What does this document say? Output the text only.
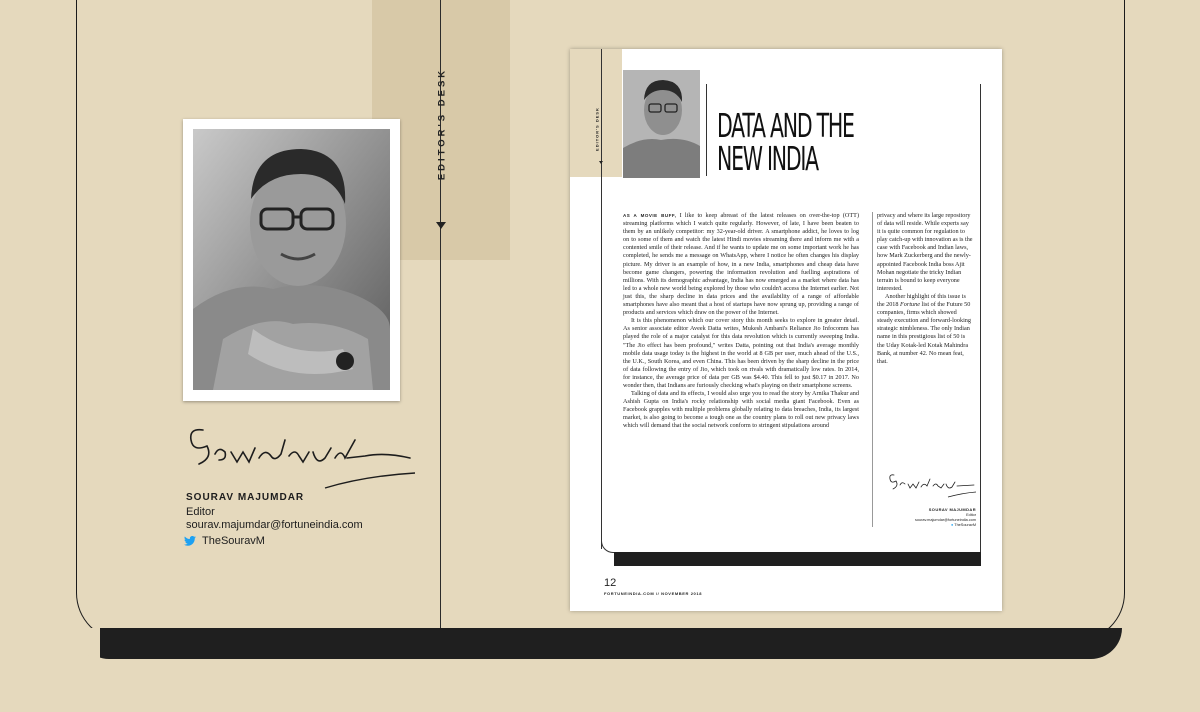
EDITOR'S DESK
SOURAV MAJUMDAR
Editor
sourav.majumdar@fortuneindia.com
TheSouravM
EDITOR'S DESK	DATA AND THE
NEW INDIA

AS A MOVIE BUFF, I like to keep abreast of the latest releases on over-the-top (OTT) streaming platforms which I watch quite regularly. However, of late, I have been beaten to them by an unlikely competitor: my 32-year-old driver. A smartphone addict, he loves to log on to some of them and watch the latest Hindi movies streaming there and inform me with a contented smile of their release. And if he wants to update me on some important work he has completed, he sends me a message on WhatsApp, where I notice he often changes his display picture. My driver is an example of how, in a new India, smartphones and cheap data have become game changers, powering the information revolution and fuelling aspirations of millions. With its demographic advantage, India has now emerged as a market where data has led to a whole new world being explored by those who couldn't access the Internet earlier. Not just this, the sharp decline in data prices and the availability of a range of affordable smartphones have also meant that a host of startups have now sprung up, providing a range of products and services which draw on the power of the Internet.

It is this phenomenon which our cover story this month seeks to explore in greater detail. As senior associate editor Aveek Datta writes, Mukesh Ambani's Reliance Jio Infocomm has played the role of a major catalyst for this data revolution which is currently sweeping India. "The Jio effect has been profound," writes Datta, pointing out that India's average monthly mobile data usage today is the highest in the world at 8 GB per user, much ahead of the U.S., the U.K., South Korea, and even China. This has been driven by the sharp decline in the price of data following the entry of Jio, which took on rivals with dramatically low rates. In 2014, for instance, the average price of data per GB was $4.40. This fell to just $0.17 in 2017. No wonder then, that Indians are furiously checking what's playing on their smartphone screens.

Talking of data and its effects, I would also urge you to read the story by Arnika Thakur and Ashish Gupta on India's rocky relationship with social media giant Facebook. Even as Facebook grapples with multiple problems globally relating to data breaches, India, its largest market, is also going to become a tough one as the country plans to roll out new privacy laws which will demand that the social network conform to stringent stipulations around

privacy and where its large repository of data will reside. While experts say it is quite common for regulation to play catch-up with innovation as is the case with Facebook and Indian laws, how Mark Zuckerberg and the newly-appointed Facebook India boss Ajit Mohan negotiate the tricky Indian terrain is bound to keep everyone interested.

Another highlight of this issue is the 2018 Fortune list of the Future 50 companies, firms which showed steady execution and forward-looking strategic nimbleness. The only Indian name in this prestigious list of 50 is the Uday Kotak-led Kotak Mahindra Bank, at number 42. No mean feat, that.

SOURAV MAJUMDAR
Editor
sourav.majumdar@fortuneindia.com
● TheSouravM
12
FORTUNEINDIA.COM // NOVEMBER 2018
